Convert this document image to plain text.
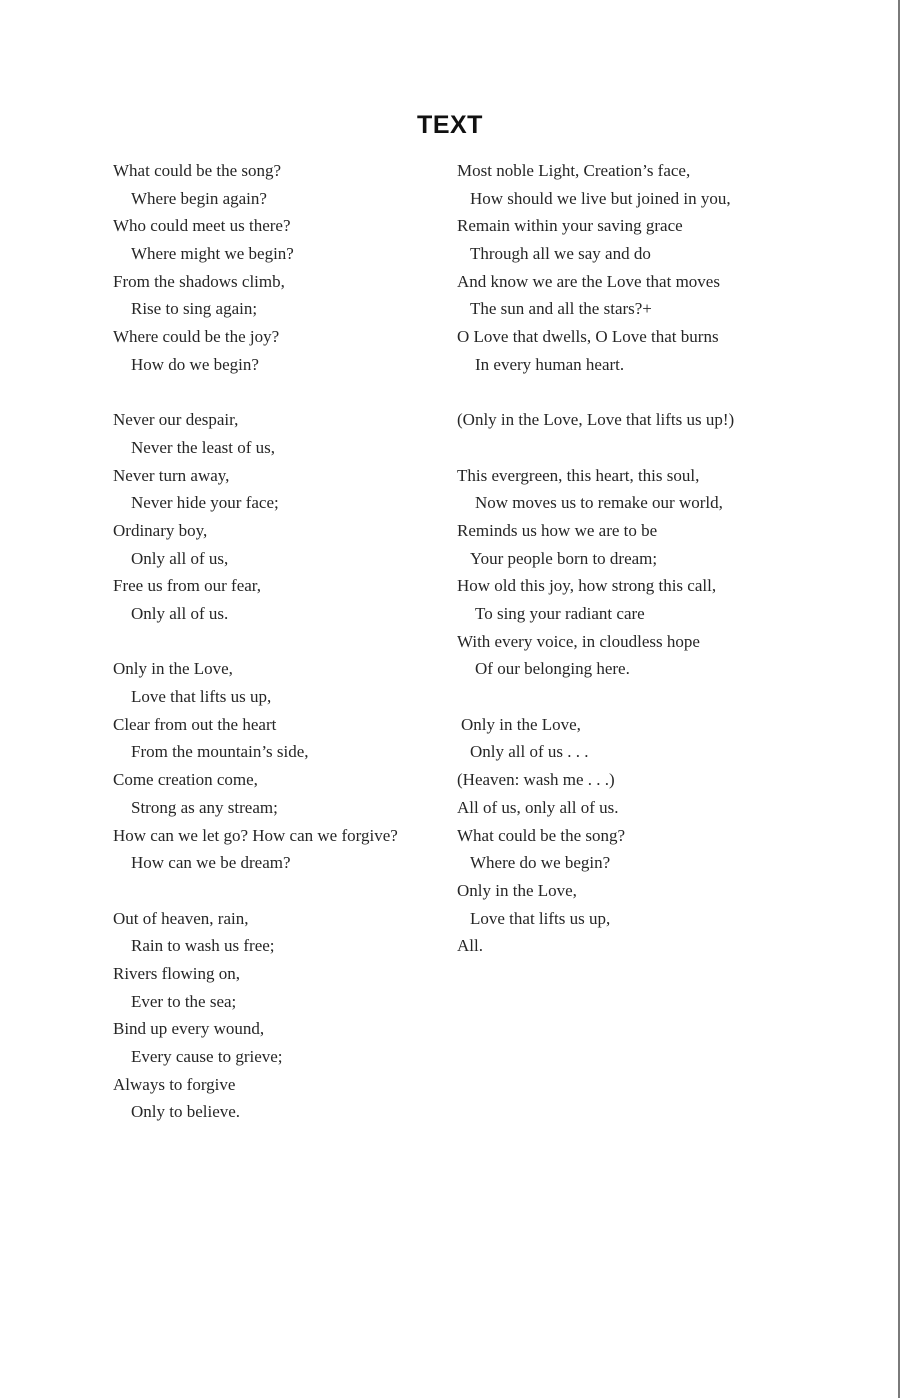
TEXT
What could be the song?
Where begin again?
Who could meet us there?
Where might we begin?
From the shadows climb,
Rise to sing again;
Where could be the joy?
How do we begin?
Never our despair,
Never the least of us,
Never turn away,
Never hide your face;
Ordinary boy,
Only all of us,
Free us from our fear,
Only all of us.
Only in the Love,
Love that lifts us up,
Clear from out the heart
From the mountain’s side,
Come creation come,
Strong as any stream;
How can we let go? How can we forgive?
How can we be dream?
Out of heaven, rain,
Rain to wash us free;
Rivers flowing on,
Ever to the sea;
Bind up every wound,
Every cause to grieve;
Always to forgive
Only to believe.
Most noble Light, Creation’s face,
How should we live but joined in you,
Remain within your saving grace
Through all we say and do
And know we are the Love that moves
The sun and all the stars?+
O Love that dwells, O Love that burns
In every human heart.
(Only in the Love, Love that lifts us up!)
This evergreen, this heart, this soul,
Now moves us to remake our world,
Reminds us how we are to be
Your people born to dream;
How old this joy, how strong this call,
To sing your radiant care
With every voice, in cloudless hope
Of our belonging here.
Only in the Love,
Only all of us . . .
(Heaven: wash me . . .)
All of us, only all of us.
What could be the song?
Where do we begin?
Only in the Love,
Love that lifts us up,
All.
